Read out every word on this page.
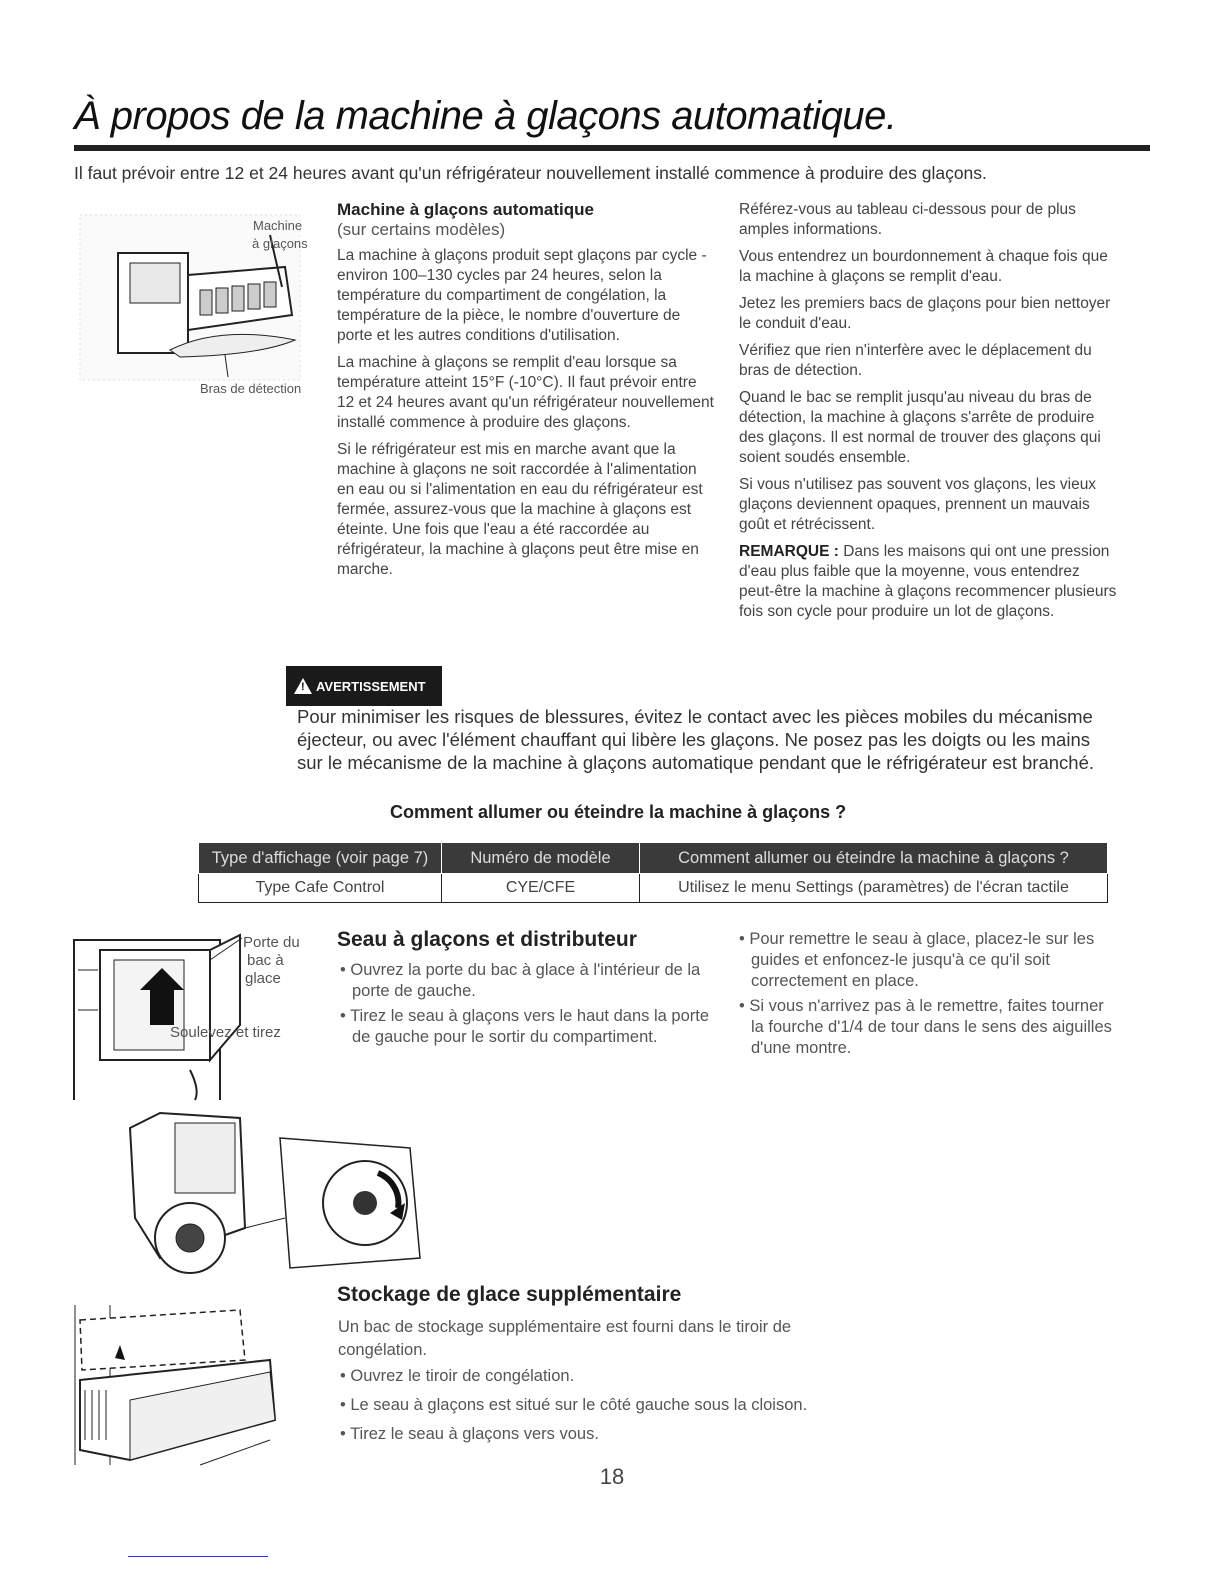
À propos de la machine à glaçons automatique.
Il faut prévoir entre 12 et 24 heures avant qu'un réfrigérateur nouvellement installé commence à produire des glaçons.
Machine
à glaçons
Bras de détection
Machine à glaçons automatique
(sur certains modèles)

La machine à glaçons produit sept glaçons par cycle - environ 100–130 cycles par 24 heures, selon la température du compartiment de congélation, la température de la pièce, le nombre d'ouverture de porte et les autres conditions d'utilisation.

La machine à glaçons se remplit d'eau lorsque sa température atteint 15°F (-10°C). Il faut prévoir entre 12 et 24 heures avant qu'un réfrigérateur nouvellement installé commence à produire des glaçons.

Si le réfrigérateur est mis en marche avant que la machine à glaçons ne soit raccordée à l'alimentation en eau ou si l'alimentation en eau du réfrigérateur est fermée, assurez-vous que la machine à glaçons est éteinte. Une fois que l'eau a été raccordée au réfrigérateur, la machine à glaçons peut être mise en marche.

Référez-vous au tableau ci-dessous pour de plus amples informations.

Vous entendrez un bourdonnement à chaque fois que la machine à glaçons se remplit d'eau.

Jetez les premiers bacs de glaçons pour bien nettoyer le conduit d'eau.

Vérifiez que rien n'interfère avec le déplacement du bras de détection.

Quand le bac se remplit jusqu'au niveau du bras de détection, la machine à glaçons s'arrête de produire des glaçons. Il est normal de trouver des glaçons qui soient soudés ensemble.

Si vous n'utilisez pas souvent vos glaçons, les vieux glaçons deviennent opaques, prennent un mauvais goût et rétrécissent.

REMARQUE : Dans les maisons qui ont une pression d'eau plus faible que la moyenne, vous entendrez peut-être la machine à glaçons recommencer plusieurs fois son cycle pour produire un lot de glaçons.

! AVERTISSEMENT
Pour minimiser les risques de blessures, évitez le contact avec les pièces mobiles du mécanisme éjecteur, ou avec l'élément chauffant qui libère les glaçons. Ne posez pas les doigts ou les mains sur le mécanisme de la machine à glaçons automatique pendant que le réfrigérateur est branché.
Comment allumer ou éteindre la machine à glaçons ?
Type d'affichage (voir page 7)	Numéro de modèle	Comment allumer ou éteindre la machine à glaçons ?
Type Cafe Control	CYE/CFE	Utilisez le menu Settings (paramètres) de l'écran tactile
Porte du
bac à
glace
Soulevez et tirez
Seau à glaçons et distributeur

• Ouvrez la porte du bac à glace à l'intérieur de la porte de gauche.

• Tirez le seau à glaçons vers le haut dans la porte de gauche pour le sortir du compartiment.

• Pour remettre le seau à glace, placez-le sur les guides et enfoncez-le jusqu'à ce qu'il soit correctement en place.

• Si vous n'arrivez pas à le remettre, faites tourner la fourche d'1/4 de tour dans le sens des aiguilles d'une montre.

Stockage de glace supplémentaire
Un bac de stockage supplémentaire est fourni dans le tiroir de congélation.

• Ouvrez le tiroir de congélation.

• Le seau à glaçons est situé sur le côté gauche sous la cloison.

• Tirez le seau à glaçons vers vous.

18
